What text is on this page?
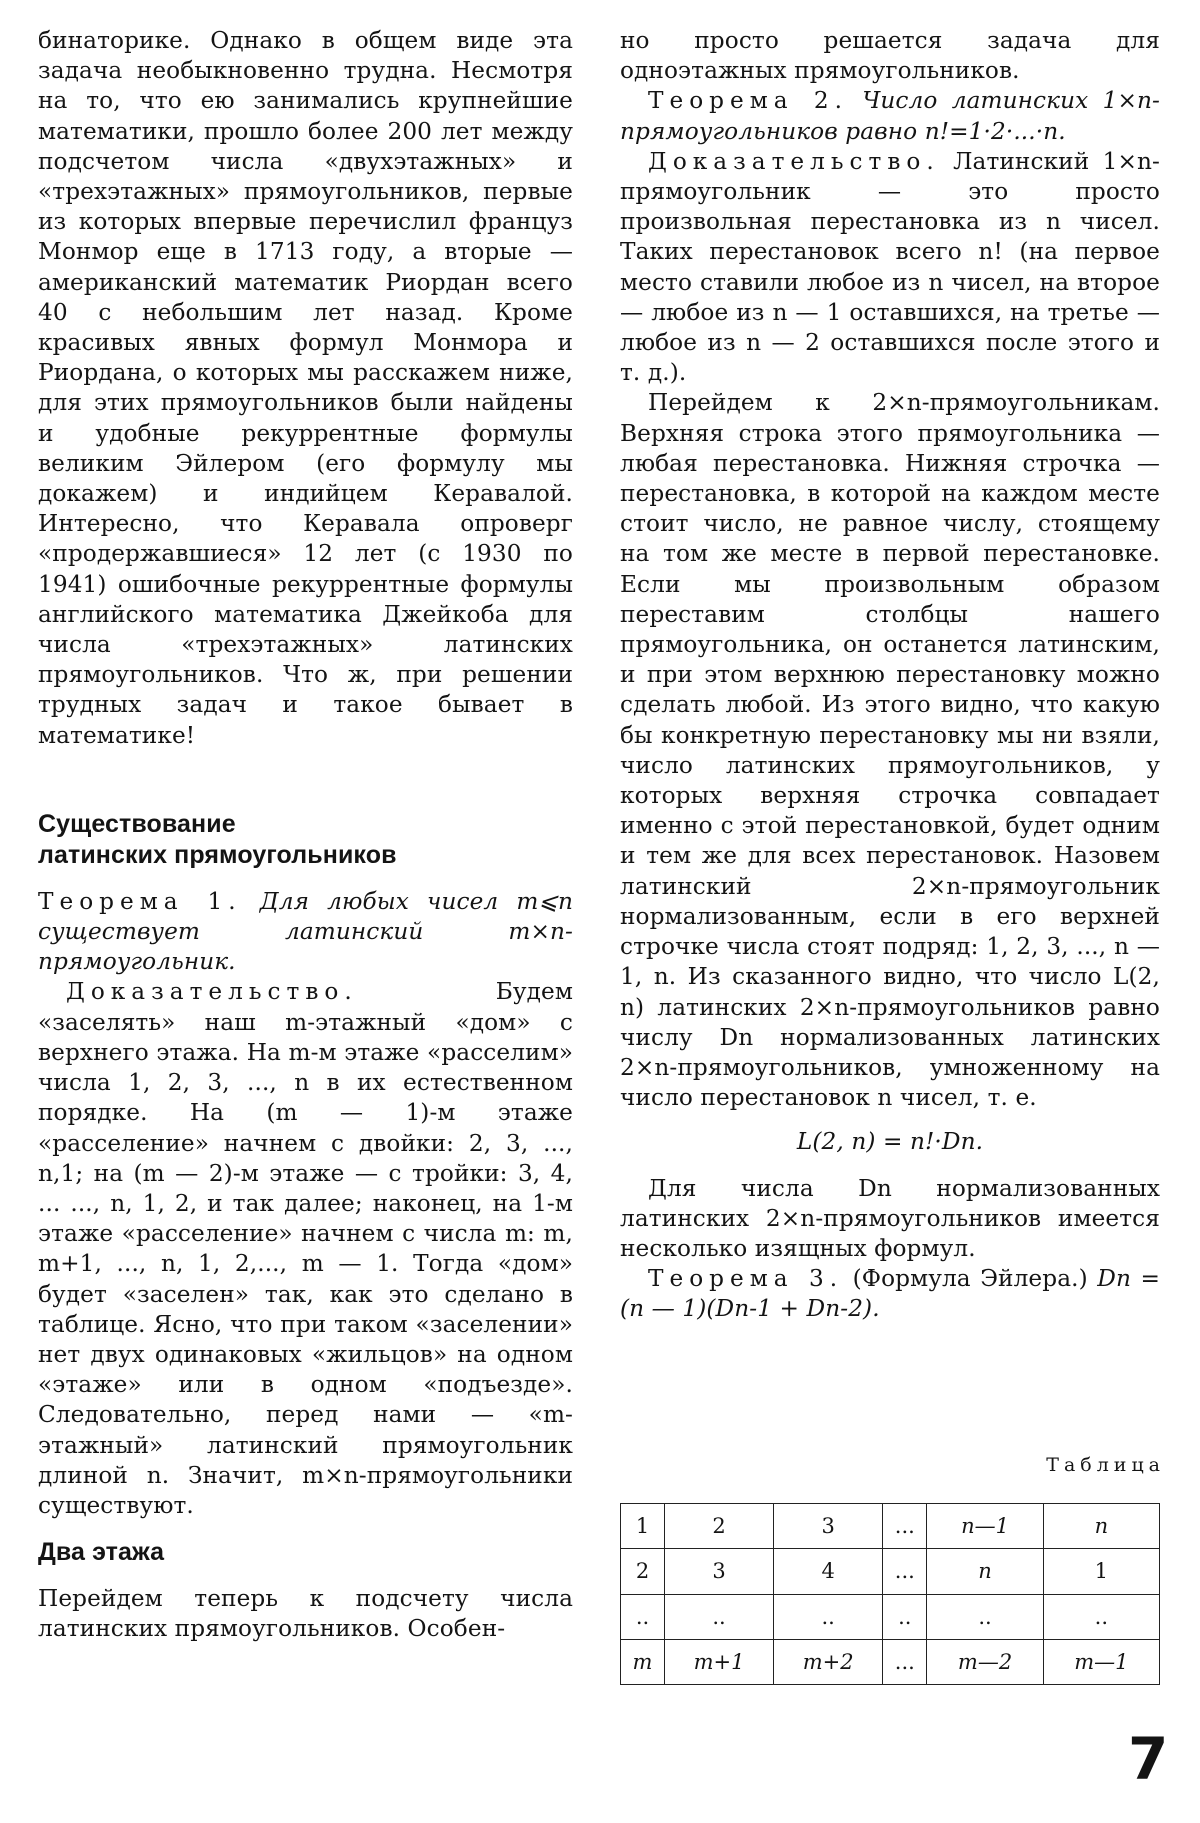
бинаторике. Однако в общем виде эта задача необыкновенно трудна. Несмотря на то, что ею занимались крупнейшие математики, прошло более 200 лет между подсчетом числа «двухэтажных» и «трехэтажных» прямоугольников, первые из которых впервые перечислил француз Монмор еще в 1713 году, а вторые — американский математик Риордан всего 40 с небольшим лет назад. Кроме красивых явных формул Монмора и Риордана, о которых мы расскажем ниже, для этих прямоугольников были найдены и удобные рекуррентные формулы великим Эйлером (его формулу мы докажем) и индийцем Керавалой. Интересно, что Керавала опроверг «продержавшиеся» 12 лет (с 1930 по 1941) ошибочные рекуррентные формулы английского математика Джейкоба для числа «трехэтажных» латинских прямоугольников. Что ж, при решении трудных задач и такое бывает в математике!

Существование
латинских прямоугольников

Теорема 1. Для любых чисел m⩽n существует латинский m×n-прямоугольник.

Доказательство.	Будем «заселять» наш m-этажный «дом» с верхнего этажа. На m-м этаже «расселим» числа 1, 2, 3, ..., n в их естественном порядке. На (m — 1)-м этаже «расселение» начнем с двойки: 2, 3, ..., n,1; на (m — 2)-м этаже — с тройки: 3, 4, ... ..., n, 1, 2, и так далее; наконец, на 1-м этаже «расселение» начнем с числа m: m, m+1, ..., n, 1, 2,..., m — 1. Тогда «дом» будет «заселен» так, как это сделано в таблице. Ясно, что при таком «заселении» нет двух одинаковых «жильцов» на одном «этаже» или в одном «подъезде». Следовательно, перед нами — «m-этажный» латинский прямоугольник длиной n. Значит, m×n-прямоугольники существуют.

Два этажа

Перейдем теперь к подсчету числа латинских прямоугольников. Особен-

но просто решается задача для одноэтажных прямоугольников.

Теорема 2. Число латинских 1×n-прямоугольников равно n!=1·2·...·n.

Доказательство. Латинский 1×n-прямоугольник — это просто произвольная перестановка из n чисел. Таких перестановок всего n! (на первое место ставили любое из n чисел, на второе — любое из n — 1 оставшихся, на третье — любое из n — 2 оставшихся после этого и т. д.).

Перейдем к 2×n-прямоугольникам. Верхняя строка этого прямоугольника — любая перестановка. Нижняя строчка — перестановка, в которой на каждом месте стоит число, не равное числу, стоящему на том же месте в первой перестановке. Если мы произвольным образом переставим столбцы нашего прямоугольника, он останется латинским, и при этом верхнюю перестановку можно сделать любой. Из этого видно, что какую бы конкретную перестановку мы ни взяли, число латинских прямоугольников, у которых верхняя строчка совпадает именно с этой перестановкой, будет одним и тем же для всех перестановок. Назовем латинский 2×n-прямоугольник нормализованным, если в его верхней строчке числа стоят подряд: 1, 2, 3, ..., n — 1, n. Из сказанного видно, что число L(2, n) латинских 2×n-прямоугольников равно числу Dn нормализованных латинских 2×n-прямоугольников, умноженному на число перестановок n чисел, т. е.

L(2, n) = n!·Dn.

Для числа Dn нормализованных латинских 2×n-прямоугольников имеется несколько изящных формул.

Теорема 3. (Формула Эйлера.) Dn = (n — 1)(Dn-1 + Dn-2).

Таблица
1	2	3	...	n—1	n
2	3	4	...	n	1
..	..	..	..	..	..
m	m+1	m+2	...	m—2	m—1
7
